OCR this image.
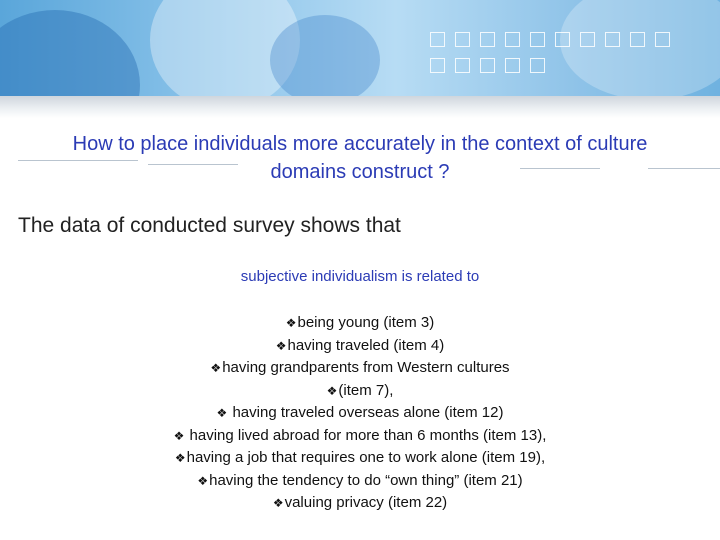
How to place individuals more accurately in the context of culture
domains construct ?
The data of conducted survey shows that
subjective individualism is related to
❖being young (item 3)
❖having traveled (item 4)
❖having grandparents from Western cultures
❖(item 7),
❖ having traveled overseas alone (item 12)
❖ having lived abroad for more than 6 months (item 13),
❖having a job that requires one to work alone (item 19),
❖having the tendency to do “own thing” (item 21)
❖valuing privacy (item 22)
